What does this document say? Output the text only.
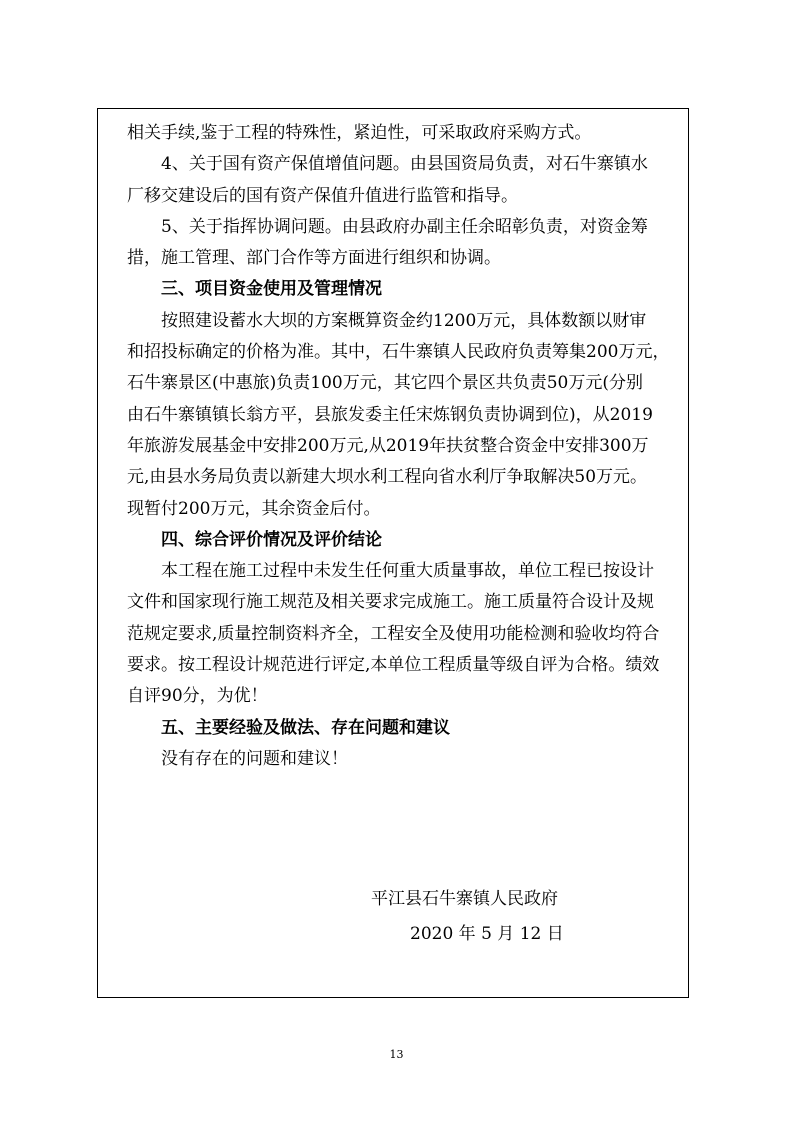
相关手续,鉴于工程的特殊性，紧迫性，可采取政府采购方式。
4、关于国有资产保值增值问题。由县国资局负责，对石牛寨镇水
厂移交建设后的国有资产保值升值进行监管和指导。
5、关于指挥协调问题。由县政府办副主任余昭彰负责，对资金筹
措，施工管理、部门合作等方面进行组织和协调。
三、项目资金使用及管理情况
按照建设蓄水大坝的方案概算资金约1200万元，具体数额以财审
和招投标确定的价格为准。其中，石牛寨镇人民政府负责筹集200万元，
石牛寨景区(中惠旅)负责100万元，其它四个景区共负责50万元(分别
由石牛寨镇镇长翁方平，县旅发委主任宋炼钢负责协调到位)，从2019
年旅游发展基金中安排200万元,从2019年扶贫整合资金中安排300万
元,由县水务局负责以新建大坝水利工程向省水利厅争取解决50万元。
现暂付200万元，其余资金后付。
四、综合评价情况及评价结论
本工程在施工过程中未发生任何重大质量事故，单位工程已按设计
文件和国家现行施工规范及相关要求完成施工。施工质量符合设计及规
范规定要求,质量控制资料齐全，工程安全及使用功能检测和验收均符合
要求。按工程设计规范进行评定,本单位工程质量等级自评为合格。绩效
自评90分，为优！
五、主要经验及做法、存在问题和建议
没有存在的问题和建议！
平江县石牛寨镇人民政府
2020 年 5 月 12 日
13
